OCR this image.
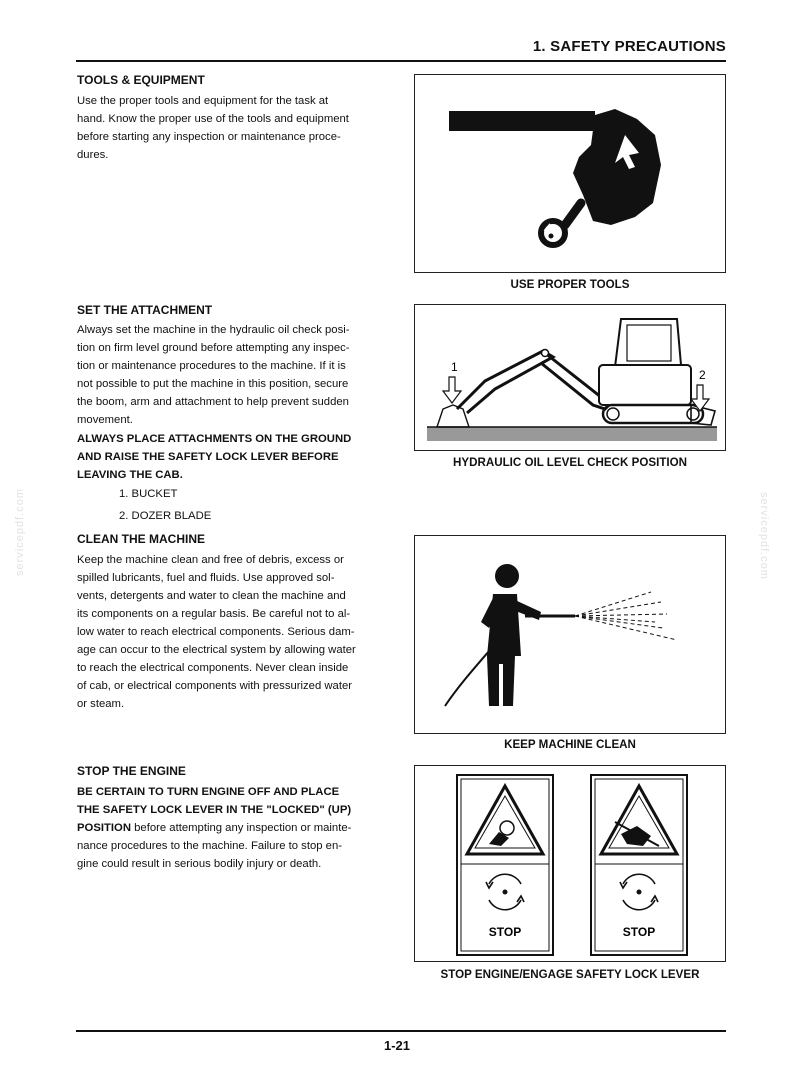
1. SAFETY PRECAUTIONS
servicepdf.com	servicepdf.com
TOOLS & EQUIPMENT
Use the proper tools and equipment for the task at
hand. Know the proper use of the tools and equipment
before starting any inspection or maintenance proce-
dures.
USE PROPER TOOLS
SET THE ATTACHMENT
Always set the machine in the hydraulic oil check posi-
tion on firm level ground before attempting any inspec-
tion or maintenance procedures to the machine. If it is
not possible to put the machine in this position, secure
the boom, arm and attachment to help prevent sudden
movement.
ALWAYS PLACE ATTACHMENTS ON THE GROUND
AND RAISE THE SAFETY LOCK LEVER BEFORE
LEAVING THE CAB.
1. BUCKET
2. DOZER BLADE
1
2
HYDRAULIC OIL LEVEL CHECK POSITION
CLEAN THE MACHINE
Keep the machine clean and free of debris, excess or
spilled lubricants, fuel and fluids. Use approved sol-
vents, detergents and water to clean the machine and
its components on a regular basis. Be careful not to al-
low water to reach electrical components. Serious dam-
age can occur to the electrical system by allowing water
to reach the electrical components. Never clean inside
of cab, or electrical components with pressurized water
or steam.
KEEP MACHINE CLEAN
STOP THE ENGINE
BE CERTAIN TO TURN ENGINE OFF AND PLACE
THE SAFETY LOCK LEVER IN THE "LOCKED" (UP)
POSITION before attempting any inspection or mainte-
nance procedures to the machine. Failure to stop en-
gine could result in serious bodily injury or death.
STOP	STOP
STOP ENGINE/ENGAGE SAFETY LOCK LEVER
1-21
